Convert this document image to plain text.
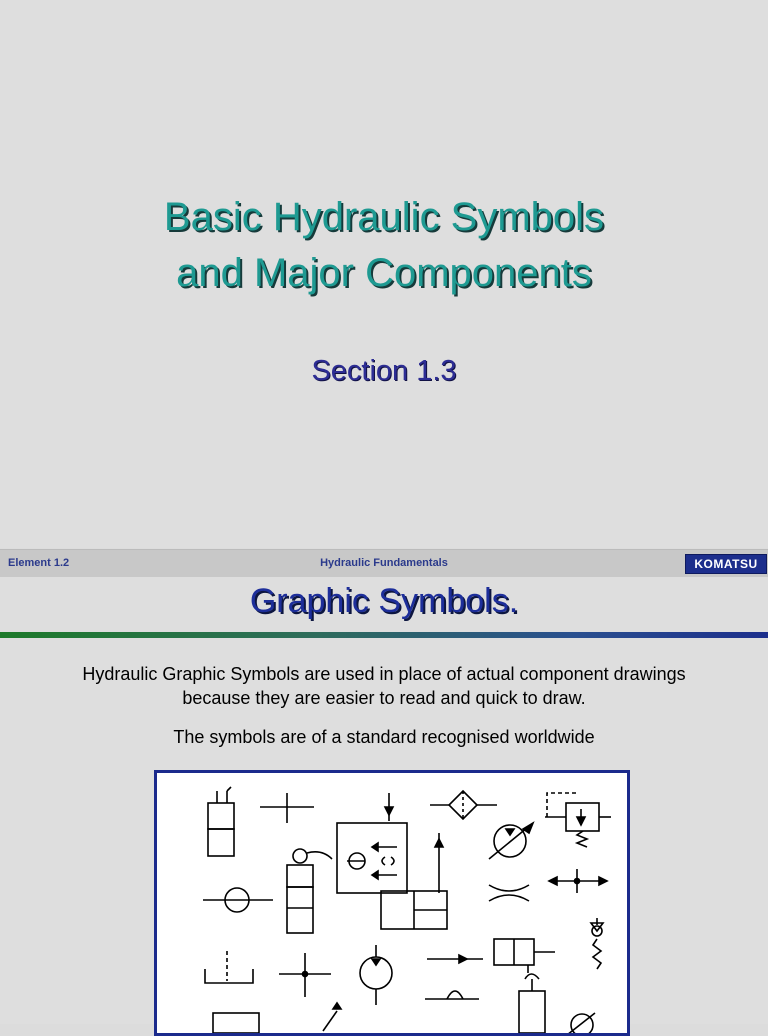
Basic Hydraulic Symbols
and Major Components
Section 1.3
Hydraulic Fundamentals
Element 1.2	KOMATSU
Graphic Symbols.
Hydraulic Graphic Symbols are used in place of actual component drawings because they are easier to read and quick to draw.
The symbols are of a standard recognised worldwide
